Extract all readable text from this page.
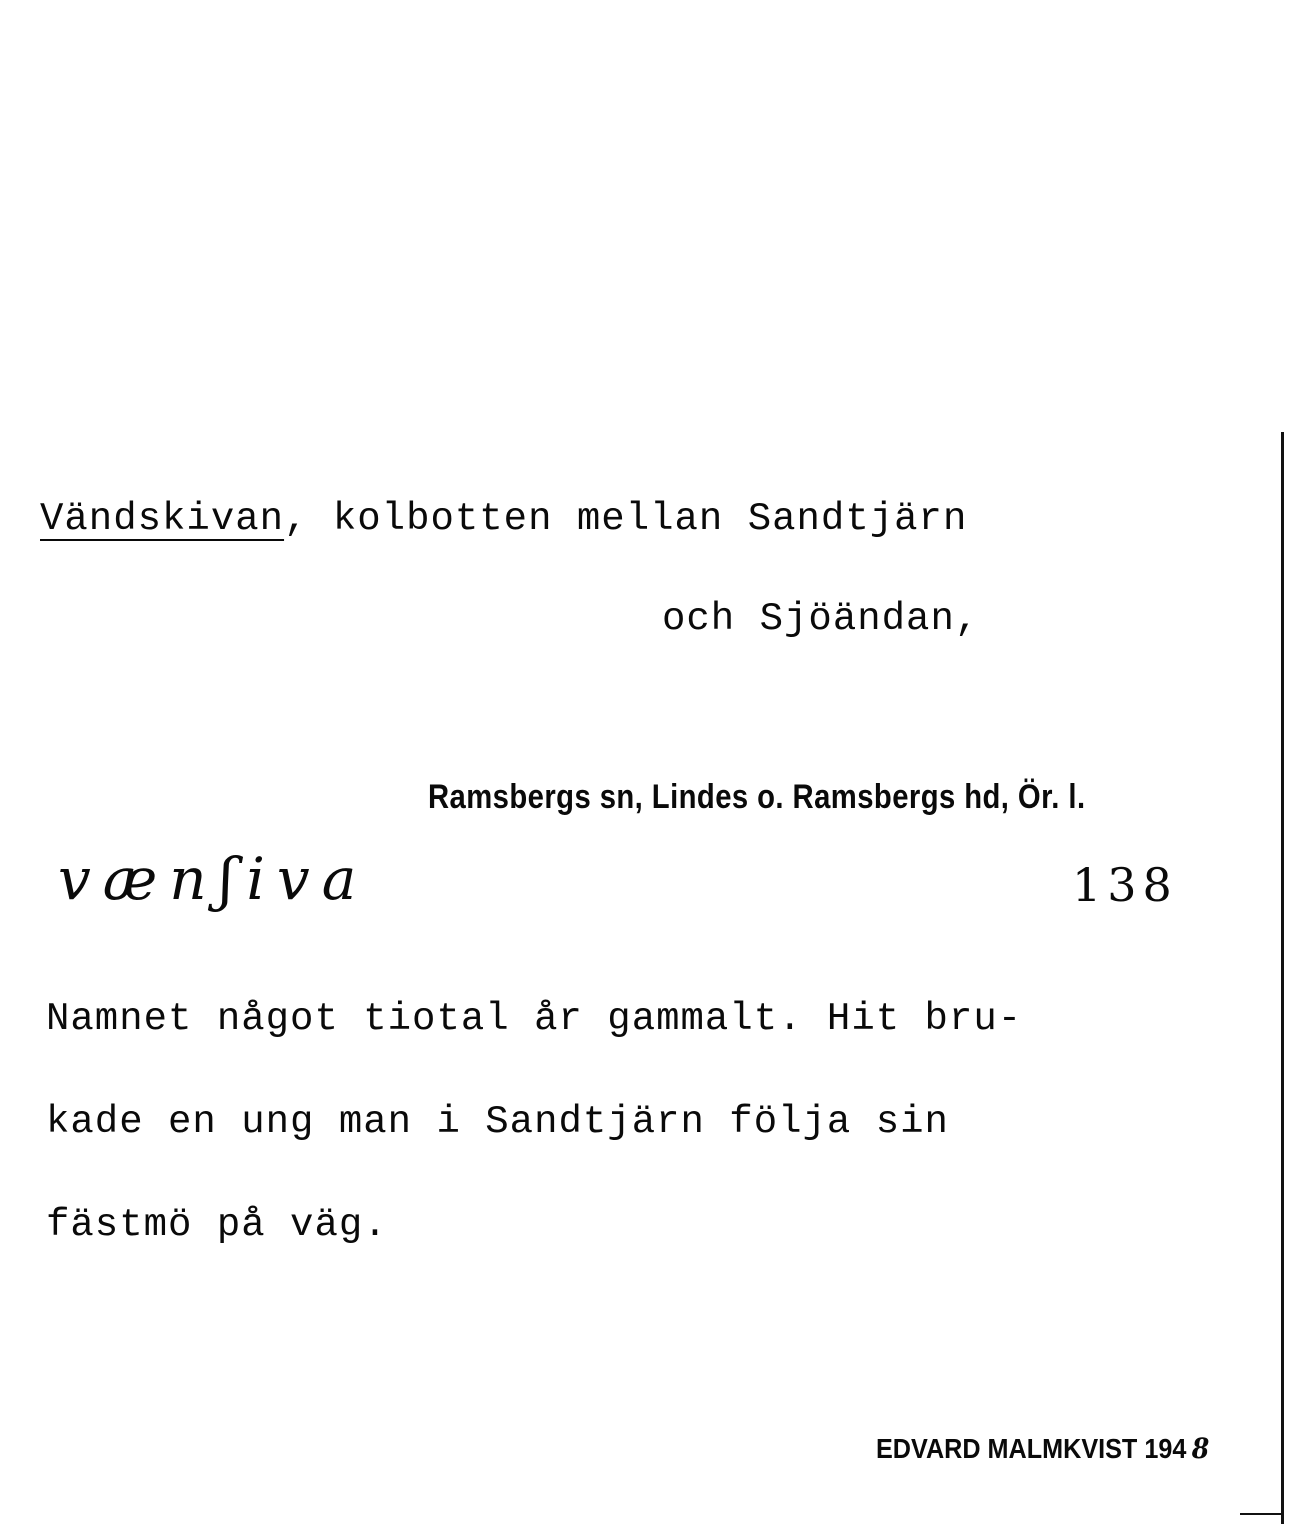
Vändskivan, kolbotten mellan Sandtjärn
och Sjöändan,
Ramsbergs sn, Lindes o. Ramsbergs hd, Ör. l.
vænʃiva	138
Namnet något tiotal år gammalt. Hit bru-
kade en ung man i Sandtjärn följa sin
fästmö på väg.
EDVARD MALMKVIST 194 8
